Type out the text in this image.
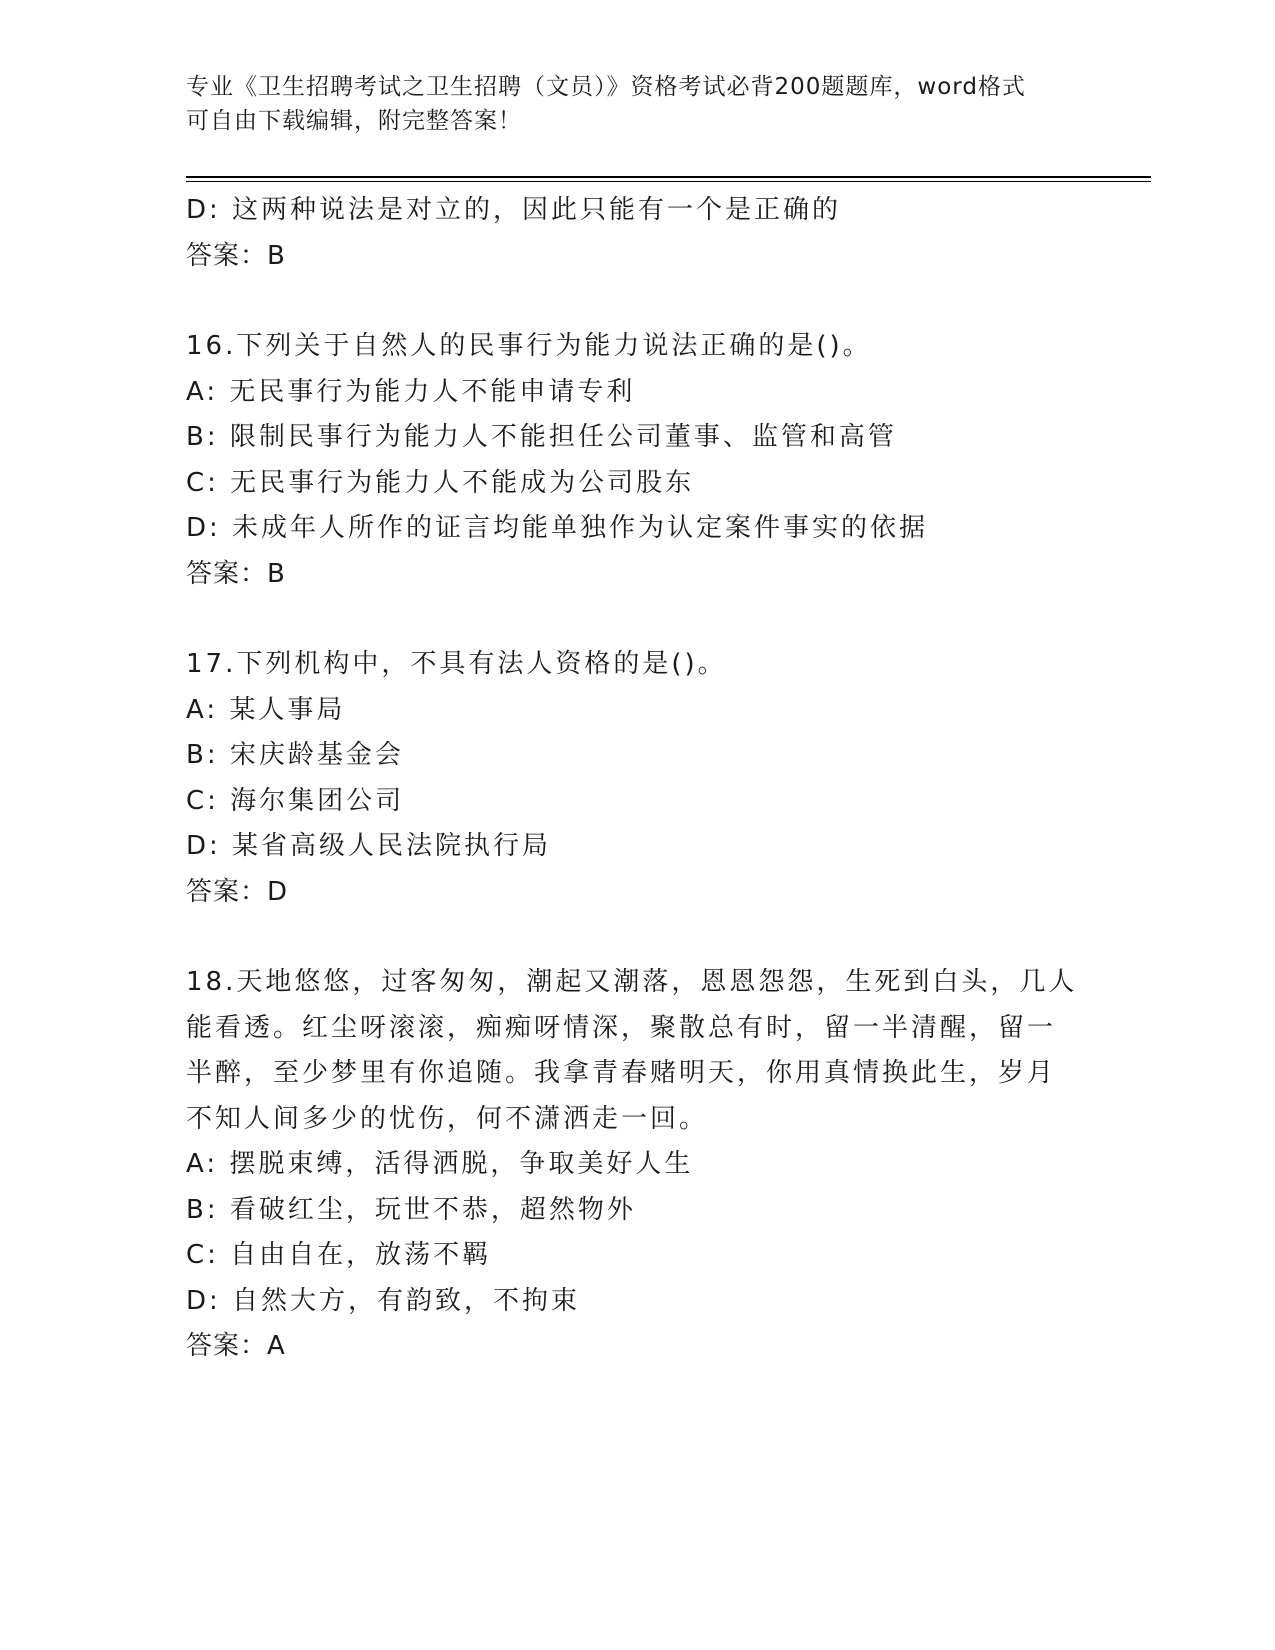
专业《卫生招聘考试之卫生招聘（文员）》资格考试必背200题题库，word格式
可自由下载编辑，附完整答案！
D: 这两种说法是对立的，因此只能有一个是正确的
答案：B
16.下列关于自然人的民事行为能力说法正确的是()。
A: 无民事行为能力人不能申请专利
B: 限制民事行为能力人不能担任公司董事、监管和高管
C: 无民事行为能力人不能成为公司股东
D: 未成年人所作的证言均能单独作为认定案件事实的依据
答案：B
17.下列机构中，不具有法人资格的是()。
A: 某人事局
B: 宋庆龄基金会
C: 海尔集团公司
D: 某省高级人民法院执行局
答案：D
18.天地悠悠，过客匆匆，潮起又潮落，恩恩怨怨，生死到白头，几人
能看透。红尘呀滚滚，痴痴呀情深，聚散总有时，留一半清醒，留一
半醉，至少梦里有你追随。我拿青春赌明天，你用真情换此生，岁月
不知人间多少的忧伤，何不潇洒走一回。
A: 摆脱束缚，活得洒脱，争取美好人生
B: 看破红尘，玩世不恭，超然物外
C: 自由自在，放荡不羁
D: 自然大方，有韵致，不拘束
答案：A
